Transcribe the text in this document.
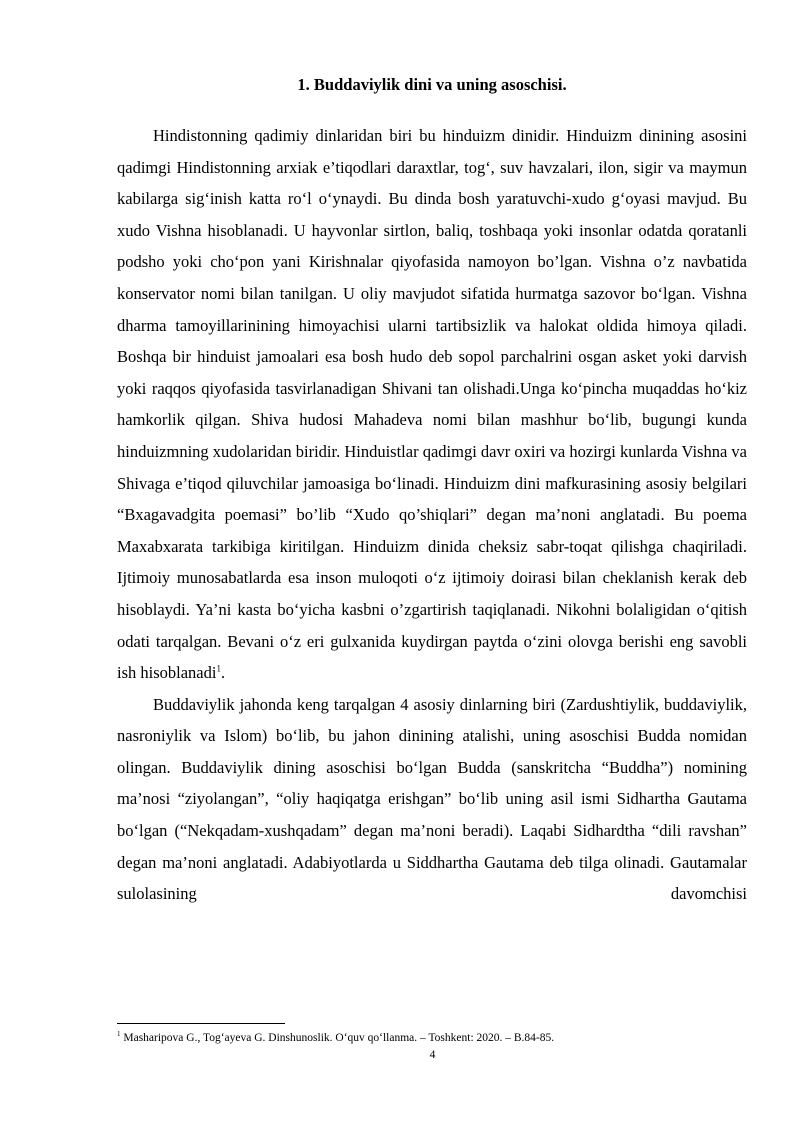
1. Buddaviylik dini va uning asoschisi.

Hindistonning qadimiy dinlaridan biri bu hinduizm dinidir. Hinduizm dinining asosini qadimgi Hindistonning arxiak e’tiqodlari daraxtlar, tog‘, suv havzalari, ilon, sigir va maymun kabilarga sig‘inish katta ro‘l o‘ynaydi. Bu dinda bosh yaratuvchi-xudo g‘oyasi mavjud. Bu xudo Vishna hisoblanadi. U hayvonlar sirtlon, baliq, toshbaqa yoki insonlar odatda qoratanli podsho yoki cho‘pon yani Kirishnalar qiyofasida namoyon bo’lgan. Vishna o’z navbatida konservator nomi bilan tanilgan. U oliy mavjudot sifatida hurmatga sazovor bo‘lgan. Vishna dharma tamoyillarinining himoyachisi ularni tartibsizlik va halokat oldida himoya qiladi. Boshqa bir hinduist jamoalari esa bosh hudo deb sopol parchalrini osgan asket yoki darvish yoki raqqos qiyofasida tasvirlanadigan Shivani tan olishadi.Unga ko‘pincha muqaddas ho‘kiz hamkorlik qilgan. Shiva hudosi Mahadeva nomi bilan mashhur bo‘lib, bugungi kunda hinduizmning xudolaridan biridir. Hinduistlar qadimgi davr oxiri va hozirgi kunlarda Vishna va Shivaga e’tiqod qiluvchilar jamoasiga bo‘linadi. Hinduizm dini mafkurasining asosiy belgilari “Bxagavadgita poemasi” bo’lib “Xudo qo’shiqlari” degan ma’noni anglatadi. Bu poema Maxabxarata tarkibiga kiritilgan. Hinduizm dinida cheksiz sabr-toqat qilishga chaqiriladi. Ijtimoiy munosabatlarda esa inson muloqoti o‘z ijtimoiy doirasi bilan cheklanish kerak deb hisoblaydi. Ya’ni kasta bo‘yicha kasbni o’zgartirish taqiqlanadi. Nikohni bolaligidan o‘qitish odati tarqalgan. Bevani o‘z eri gulxanida kuydirgan paytda o‘zini olovga berishi eng savobli ish hisoblanadi$^1$.

Buddaviylik jahonda keng tarqalgan 4 asosiy dinlarning biri (Zardushtiylik, buddaviylik, nasroniylik va Islom) bo‘lib, bu jahon dinining atalishi, uning asoschisi Budda nomidan olingan. Buddaviylik dining asoschisi bo‘lgan Budda (sanskritcha “Buddha”) nomining ma’nosi “ziyolangan”, “oliy haqiqatga erishgan” bo‘lib uning asil ismi Sidhartha Gautama bo‘lgan (“Nekqadam-xushqadam” degan ma’noni beradi). Laqabi Sidhardtha “dili ravshan” degan ma’noni anglatadi. Adabiyotlarda u Siddhartha Gautama deb tilga olinadi. Gautamalar sulolasining davomchisi

$^1$ Masharipova G., Tog‘ayeva G. Dinshunoslik. O‘quv qo‘llanma. – Toshkent: 2020. – B.84-85.
4
